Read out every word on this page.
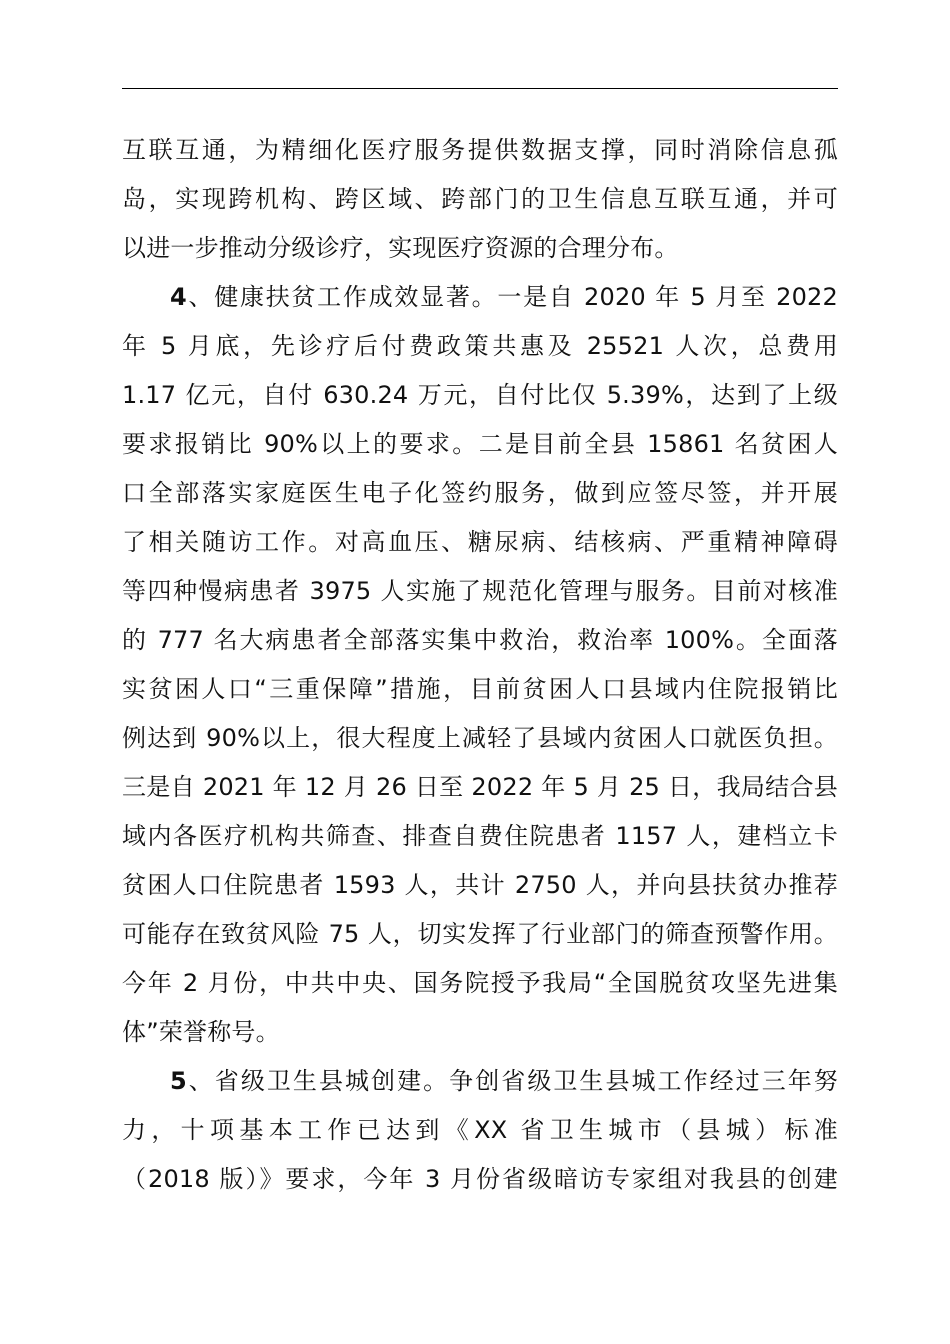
互联互通，为精细化医疗服务提供数据支撑，同时消除信息孤
岛，实现跨机构、跨区域、跨部门的卫生信息互联互通，并可
以进一步推动分级诊疗，实现医疗资源的合理分布。
4、健康扶贫工作成效显著。一是自 2020 年 5 月至 2022
年 5 月底，先诊疗后付费政策共惠及 25521 人次，总费用
1.17 亿元，自付 630.24 万元，自付比仅 5.39%，达到了上级
要求报销比 90%以上的要求。二是目前全县 15861 名贫困人
口全部落实家庭医生电子化签约服务，做到应签尽签，并开展
了相关随访工作。对高血压、糖尿病、结核病、严重精神障碍
等四种慢病患者 3975 人实施了规范化管理与服务。目前对核准
的 777 名大病患者全部落实集中救治，救治率 100%。全面落
实贫困人口“三重保障”措施，目前贫困人口县域内住院报销比
例达到 90%以上，很大程度上减轻了县域内贫困人口就医负担。
三是自 2021 年 12 月 26 日至 2022 年 5 月 25 日，我局结合县
域内各医疗机构共筛查、排查自费住院患者 1157 人，建档立卡
贫困人口住院患者 1593 人，共计 2750 人，并向县扶贫办推荐
可能存在致贫风险 75 人，切实发挥了行业部门的筛查预警作用。
今年 2 月份，中共中央、国务院授予我局“全国脱贫攻坚先进集
体”荣誉称号。
5、省级卫生县城创建。争创省级卫生县城工作经过三年努
力，十项基本工作已达到《XX 省卫生城市（县城）标准
（2018 版）》要求，今年 3 月份省级暗访专家组对我县的创建
